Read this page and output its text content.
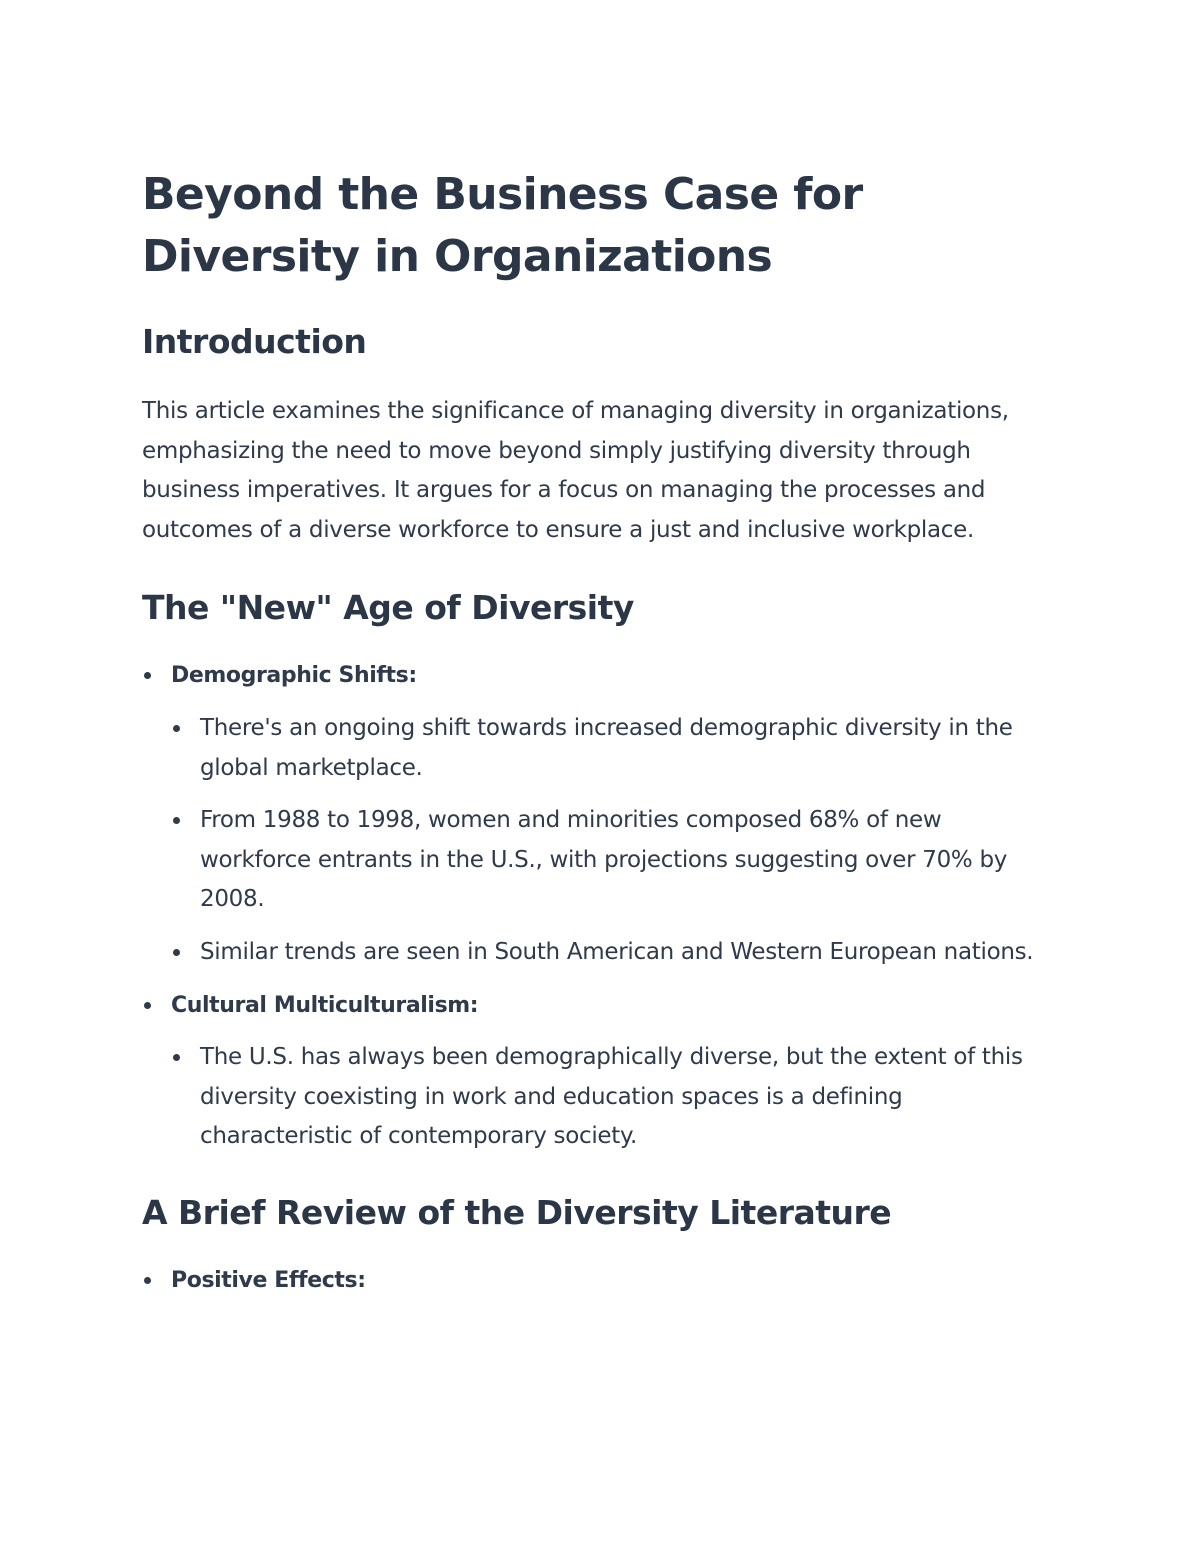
Beyond the Business Case for Diversity in Organizations
Introduction

This article examines the significance of managing diversity in organizations, emphasizing the need to move beyond simply justifying diversity through business imperatives. It argues for a focus on managing the processes and outcomes of a diverse workforce to ensure a just and inclusive workplace.

The "New" Age of Diversity
Demographic Shifts:
There's an ongoing shift towards increased demographic diversity in the global marketplace.
From 1988 to 1998, women and minorities composed 68% of new workforce entrants in the U.S., with projections suggesting over 70% by 2008.
Similar trends are seen in South American and Western European nations.
Cultural Multiculturalism:
The U.S. has always been demographically diverse, but the extent of this diversity coexisting in work and education spaces is a defining characteristic of contemporary society.
A Brief Review of the Diversity Literature
Positive Effects:
